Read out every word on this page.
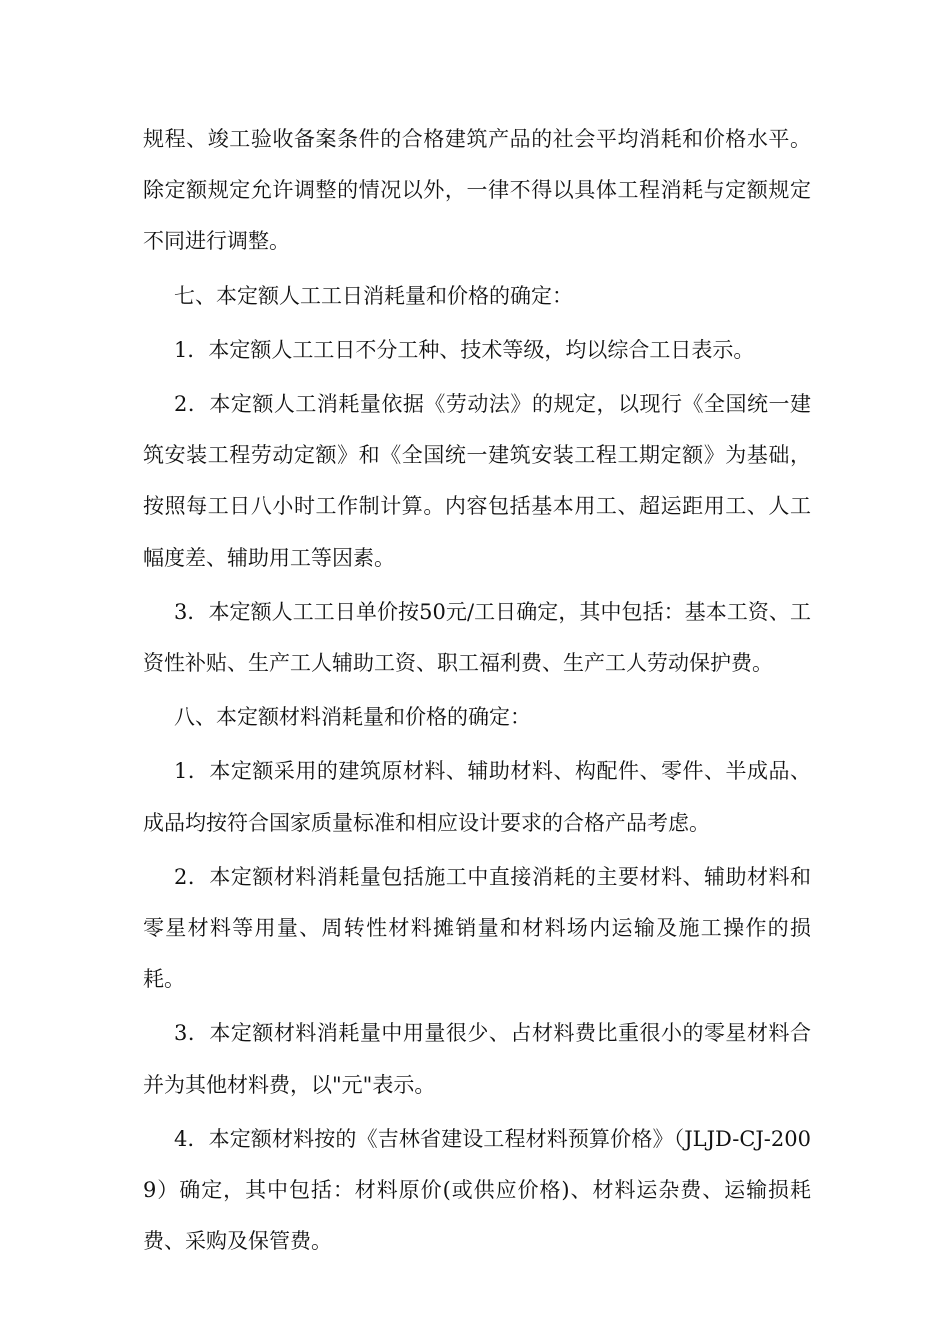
规程、竣工验收备案条件的合格建筑产品的社会平均消耗和价格水平。除定额规定允许调整的情况以外，一律不得以具体工程消耗与定额规定不同进行调整。

七、本定额人工工日消耗量和价格的确定：

1．本定额人工工日不分工种、技术等级，均以综合工日表示。

2．本定额人工消耗量依据《劳动法》的规定，以现行《全国统一建筑安装工程劳动定额》和《全国统一建筑安装工程工期定额》为基础，按照每工日八小时工作制计算。内容包括基本用工、超运距用工、人工幅度差、辅助用工等因素。

3．本定额人工工日单价按50元/工日确定，其中包括：基本工资、工资性补贴、生产工人辅助工资、职工福利费、生产工人劳动保护费。

八、本定额材料消耗量和价格的确定：

1．本定额采用的建筑原材料、辅助材料、构配件、零件、半成品、成品均按符合国家质量标准和相应设计要求的合格产品考虑。

2．本定额材料消耗量包括施工中直接消耗的主要材料、辅助材料和零星材料等用量、周转性材料摊销量和材料场内运输及施工操作的损耗。

3．本定额材料消耗量中用量很少、占材料费比重很小的零星材料合并为其他材料费，以"元"表示。

4．本定额材料按的《吉林省建设工程材料预算价格》（JLJD-CJ-2009）确定，其中包括：材料原价(或供应价格)、材料运杂费、运输损耗费、采购及保管费。
